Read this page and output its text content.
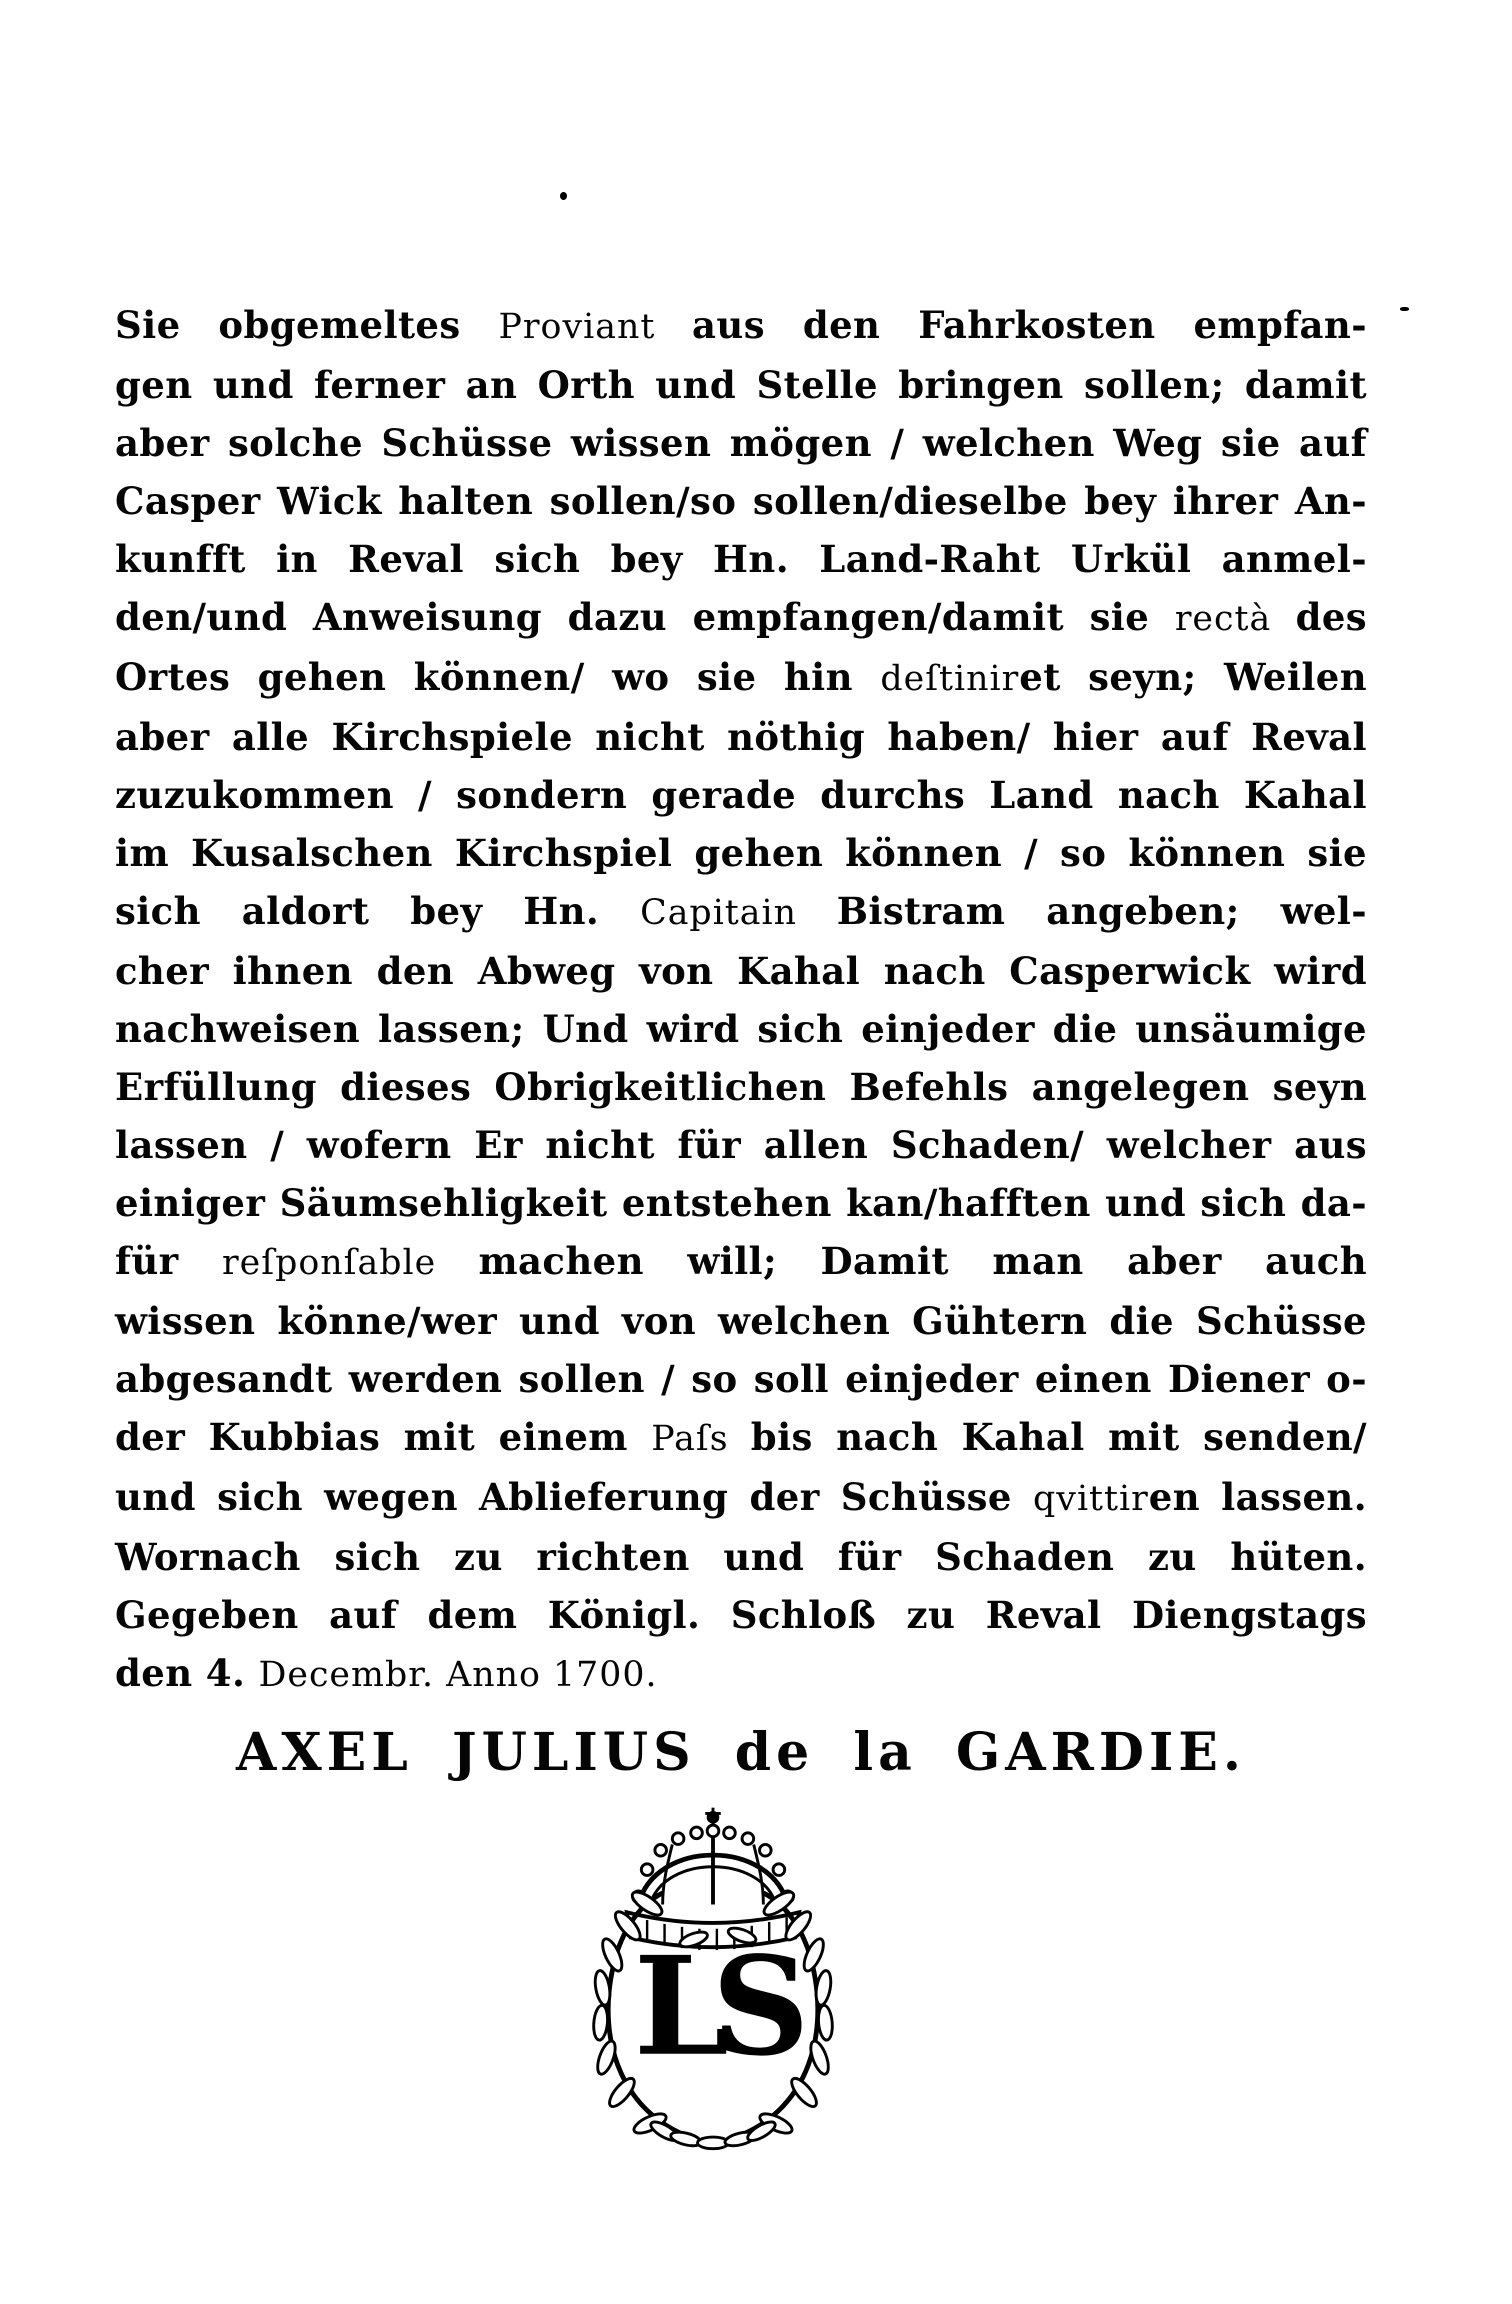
Sie obgemeltes Proviant aus den Fahrkosten empfan-
gen und ferner an Orth und Stelle bringen sollen; damit
aber solche Schüsse wissen mögen / welchen Weg sie auf
Casper Wick halten sollen/so sollen/dieselbe bey ihrer An-
kunfft in Reval sich bey Hn. Land-Raht Urkül anmel-
den/und Anweisung dazu empfangen/damit sie rectà des
Ortes gehen können/ wo sie hin deſtiniret seyn; Weilen
aber alle Kirchspiele nicht nöthig haben/ hier auf Reval
zuzukommen / sondern gerade durchs Land nach Kahal
im Kusalschen Kirchspiel gehen können / so können sie
sich aldort bey Hn. Capitain Bistram angeben; wel-
cher ihnen den Abweg von Kahal nach Casperwick wird
nachweisen lassen; Und wird sich einjeder die unsäumige
Erfüllung dieses Obrigkeitlichen Befehls angelegen seyn
lassen / wofern Er nicht für allen Schaden/ welcher aus
einiger Säumsehligkeit entstehen kan/hafften und sich da-
für reſponſable machen will; Damit man aber auch
wissen könne/wer und von welchen Gühtern die Schüsse
abgesandt werden sollen / so soll einjeder einen Diener o-
der Kubbias mit einem Paſs bis nach Kahal mit senden/
und sich wegen Ablieferung der Schüsse qvittiren lassen.
Wornach sich zu richten und für Schaden zu hüten.
Gegeben auf dem Königl. Schloß zu Reval Diengstags
den 4. Decembr. Anno 1700.
AXEL JULIUS de la GARDIE.
LS
